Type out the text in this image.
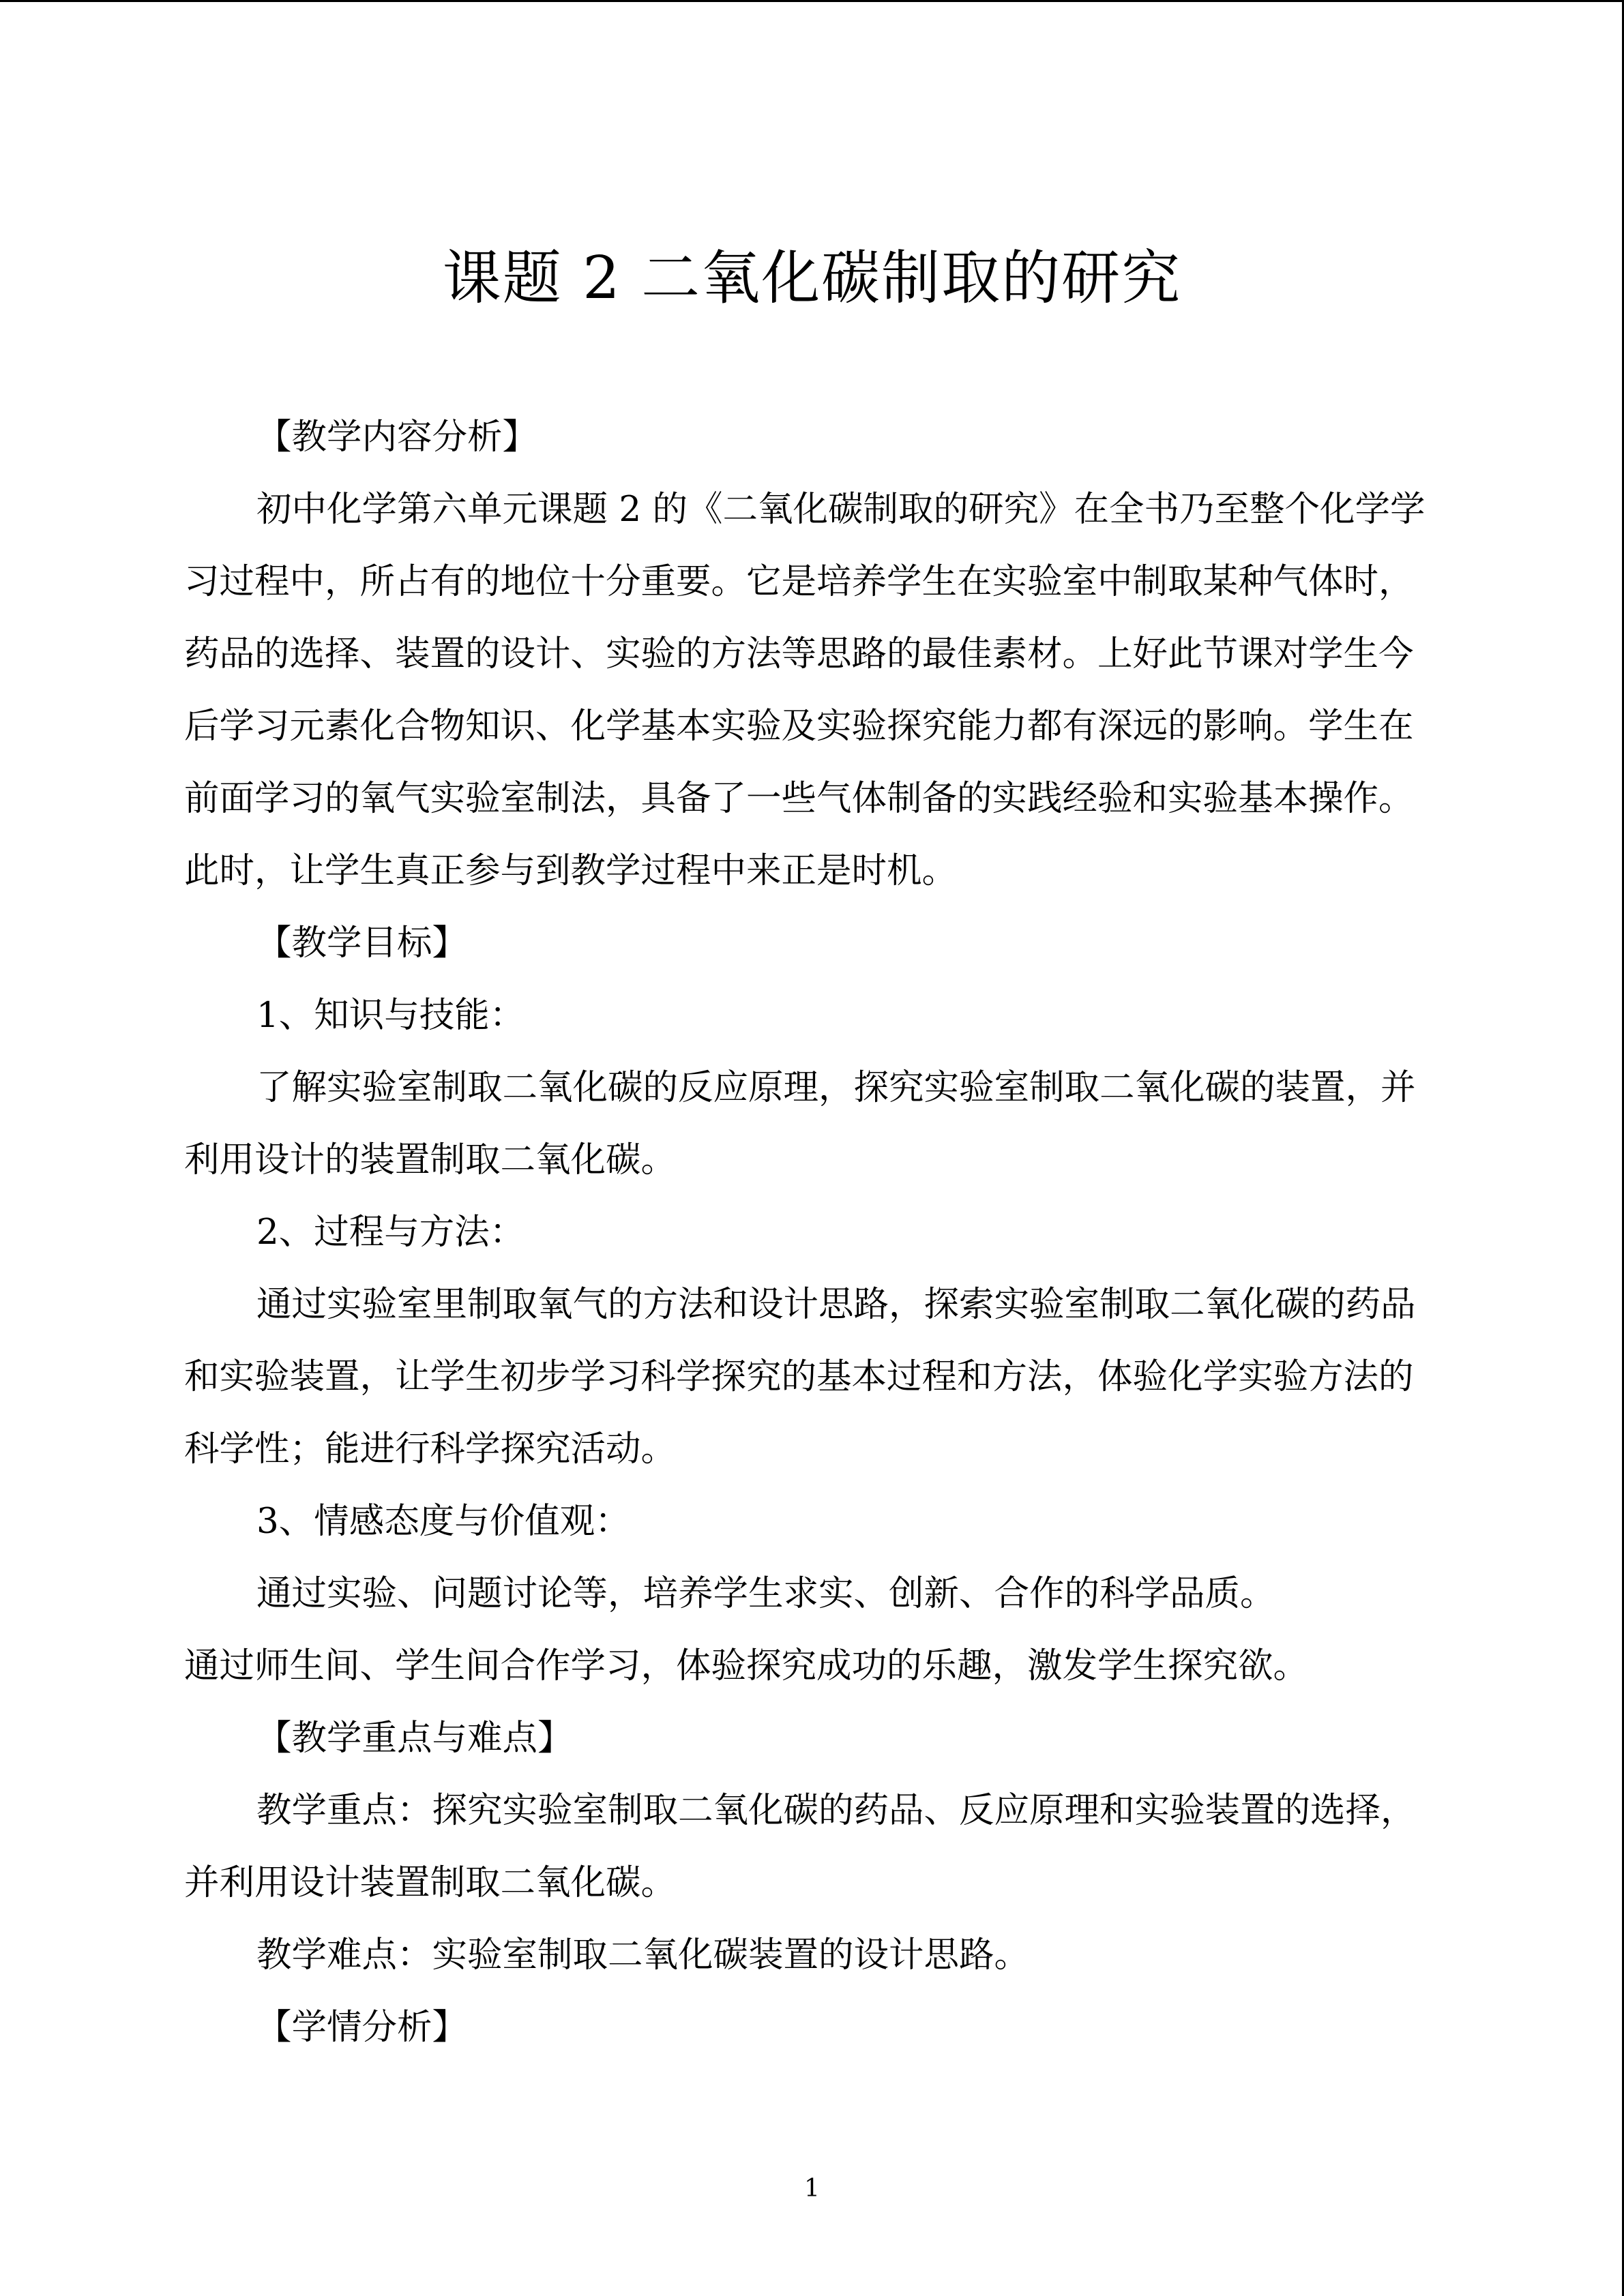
课题 2 二氧化碳制取的研究

【教学内容分析】

初中化学第六单元课题 2 的《二氧化碳制取的研究》在全书乃至整个化学学习过程中，所占有的地位十分重要。它是培养学生在实验室中制取某种气体时，药品的选择、装置的设计、实验的方法等思路的最佳素材。上好此节课对学生今后学习元素化合物知识、化学基本实验及实验探究能力都有深远的影响。学生在前面学习的氧气实验室制法，具备了一些气体制备的实践经验和实验基本操作。此时，让学生真正参与到教学过程中来正是时机。

【教学目标】

1、知识与技能：

了解实验室制取二氧化碳的反应原理，探究实验室制取二氧化碳的装置，并利用设计的装置制取二氧化碳。

2、过程与方法：

通过实验室里制取氧气的方法和设计思路，探索实验室制取二氧化碳的药品和实验装置，让学生初步学习科学探究的基本过程和方法，体验化学实验方法的科学性；能进行科学探究活动。

3、情感态度与价值观：

通过实验、问题讨论等，培养学生求实、创新、合作的科学品质。

通过师生间、学生间合作学习，体验探究成功的乐趣，激发学生探究欲。

【教学重点与难点】

教学重点：探究实验室制取二氧化碳的药品、反应原理和实验装置的选择，并利用设计装置制取二氧化碳。

教学难点：实验室制取二氧化碳装置的设计思路。

【学情分析】

1
